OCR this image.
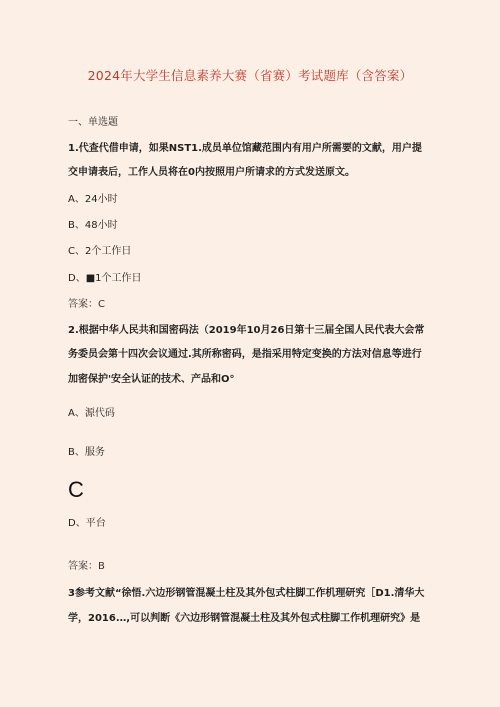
2024年大学生信息素养大赛（省赛）考试题库（含答案）
一、单选题
1.代查代借申请，如果NST1.成员单位馆藏范围内有用户所需要的文献，用户提
交申请表后，工作人员将在0内按照用户所请求的方式发送原文。
A、24小时
B、48小时
C、2个工作日
D、■1个工作日
答案：C
2.根据中华人民共和国密码法（2019年10月26日第十三届全国人民代表大会常
务委员会第十四次会议通过.其所称密码，是指采用特定变换的方法对信息等进行
加密保护'安全认证的技术、产品和O°
A、源代码
B、服务
C
D、平台
答案：B
3参考文献“徐悟.六边形钢管混凝土柱及其外包式柱脚工作机理研究［D1.清华大
学，2016.‥,可以判断《六边形钢管混凝土柱及其外包式柱脚工作机理研究》是
